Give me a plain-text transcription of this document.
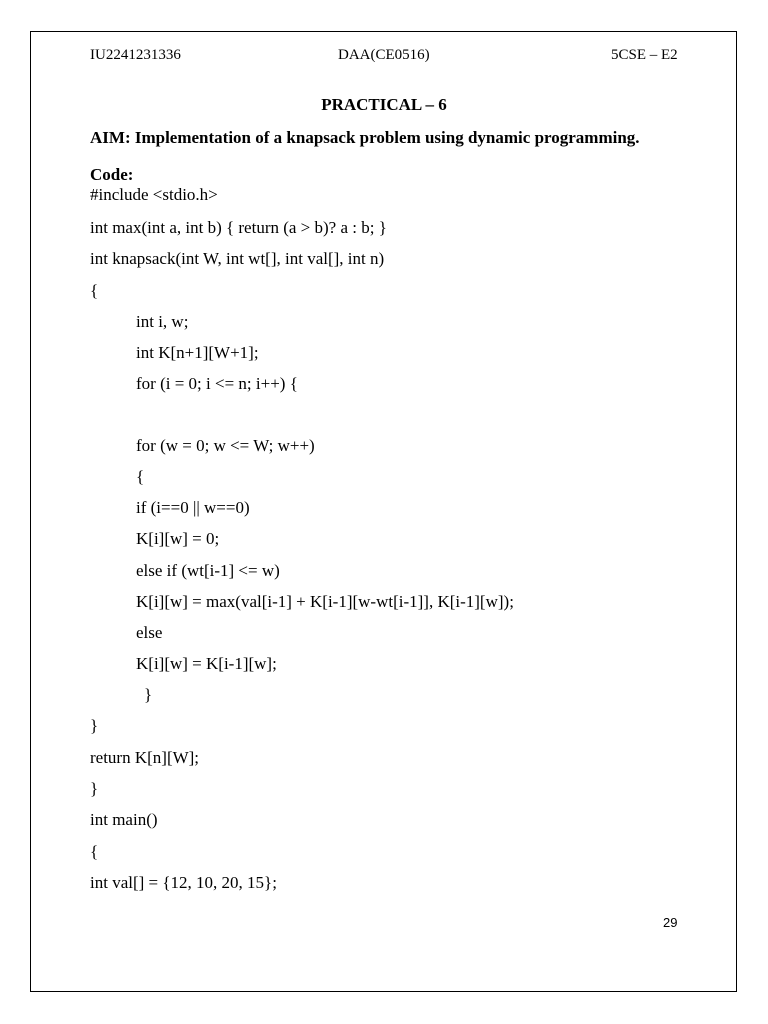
IU2241231336	DAA(CE0516)	5CSE – E2
PRACTICAL – 6
AIM: Implementation of a knapsack problem using dynamic programming.
Code:
#include <stdio.h>
int max(int a, int b) { return (a > b)? a : b; }
int knapsack(int W, int wt[], int val[], int n)
{
int i, w;
int K[n+1][W+1];
for (i = 0; i <= n; i++) {
for (w = 0; w <= W; w++)
{
if (i==0 || w==0)
K[i][w] = 0;
else if (wt[i-1] <= w)
K[i][w] = max(val[i-1] + K[i-1][w-wt[i-1]], K[i-1][w]);
else
K[i][w] = K[i-1][w];
}
}
return K[n][W];
}
int main()
{
int val[] = {12, 10, 20, 15};
29
